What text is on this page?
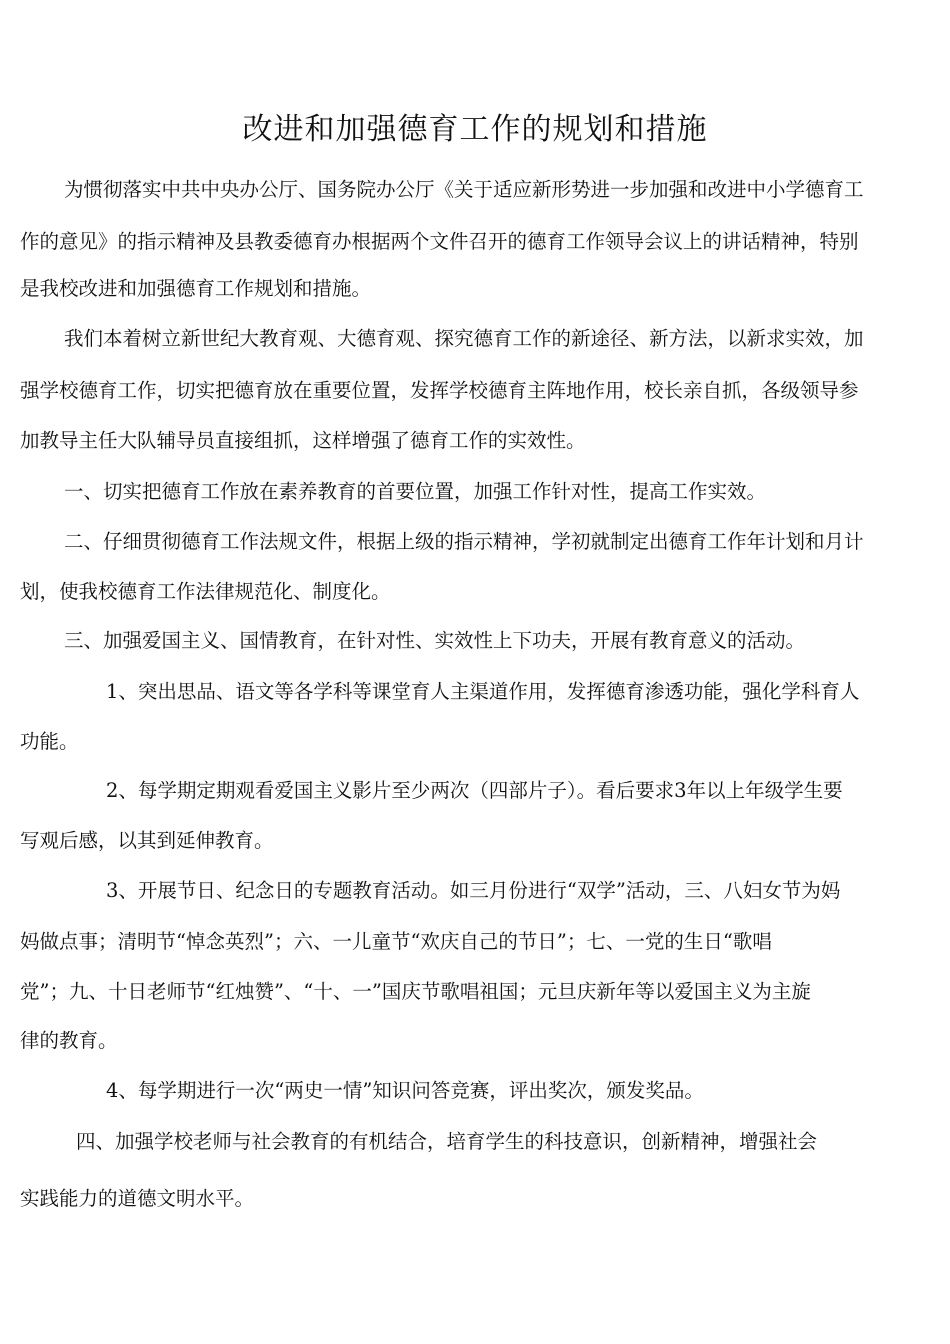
改进和加强德育工作的规划和措施
为惯彻落实中共中央办公厅、国务院办公厅《关于适应新形势进一步加强和改进中小学德育工
作的意见》的指示精神及县教委德育办根据两个文件召开的德育工作领导会议上的讲话精神，特别
是我校改进和加强德育工作规划和措施。
我们本着树立新世纪大教育观、大德育观、探究德育工作的新途径、新方法，以新求实效，加
强学校德育工作，切实把德育放在重要位置，发挥学校德育主阵地作用，校长亲自抓，各级领导参
加教导主任大队辅导员直接组抓，这样增强了德育工作的实效性。
一、切实把德育工作放在素养教育的首要位置，加强工作针对性，提高工作实效。
二、仔细贯彻德育工作法规文件，根据上级的指示精神，学初就制定出德育工作年计划和月计
划，使我校德育工作法律规范化、制度化。
三、加强爱国主义、国情教育，在针对性、实效性上下功夫，开展有教育意义的活动。
1、突出思品、语文等各学科等课堂育人主渠道作用，发挥德育渗透功能，强化学科育人
功能。
2、每学期定期观看爱国主义影片至少两次（四部片子）。看后要求3年以上年级学生要
写观后感，以其到延伸教育。
3、开展节日、纪念日的专题教育活动。如三月份进行“双学”活动，三、八妇女节为妈
妈做点事；清明节“悼念英烈”；六、一儿童节“欢庆自己的节日”；七、一党的生日“歌唱
党”；九、十日老师节“红烛赞”、“十、一”国庆节歌唱祖国；元旦庆新年等以爱国主义为主旋
律的教育。
4、每学期进行一次“两史一情”知识问答竞赛，评出奖次，颁发奖品。
四、加强学校老师与社会教育的有机结合，培育学生的科技意识，创新精神，增强社会
实践能力的道德文明水平。
